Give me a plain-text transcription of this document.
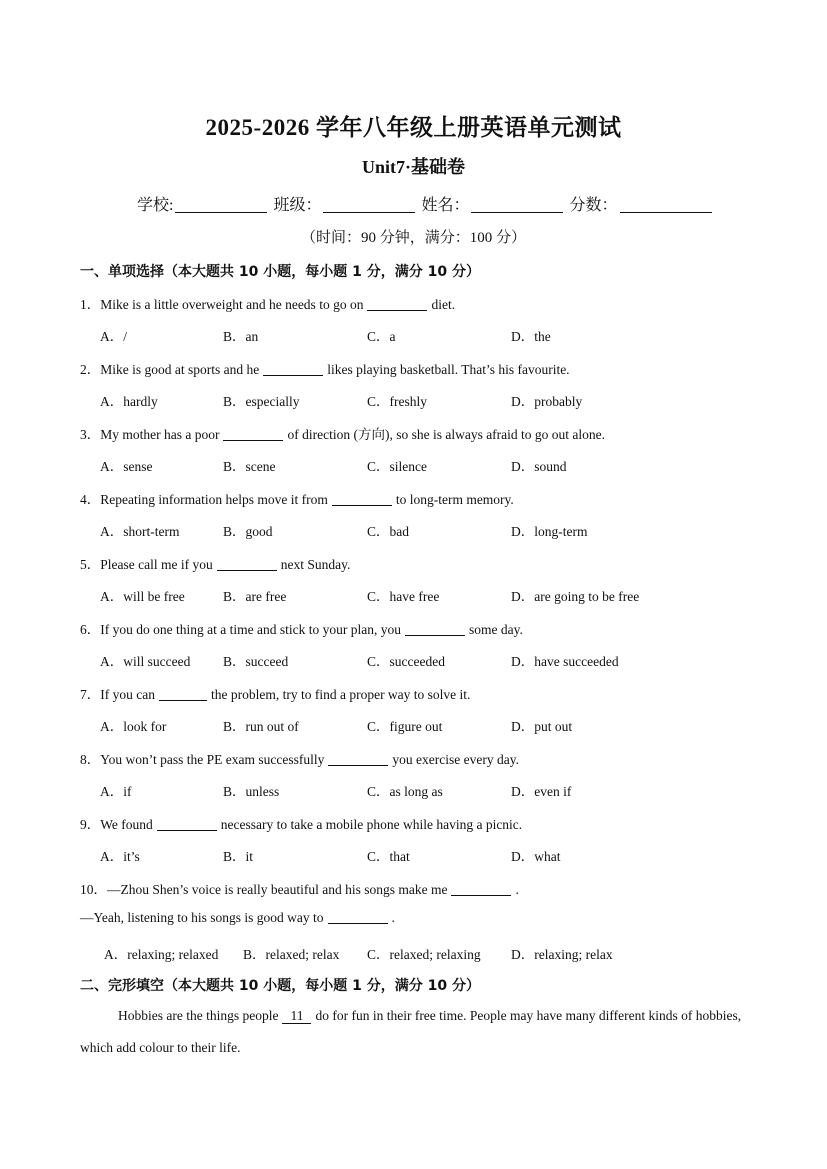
2025-2026 学年八年级上册英语单元测试
Unit7·基础卷
学校:	班级：	姓名：	分数：
（时间：90 分钟，满分：100 分）
一、单项选择（本大题共 10 小题，每小题 1 分，满分 10 分）
1．Mike is a little overweight and he needs to go on	diet.
A．/	B．an	C．a	D．the
2．Mike is good at sports and he	likes playing basketball. That’s his favourite.
A．hardly	B．especially	C．freshly	D．probably
3．My mother has a poor	of direction (方向), so she is always afraid to go out alone.
A．sense	B．scene	C．silence	D．sound
4．Repeating information helps move it from	to long-term memory.
A．short-term	B．good	C．bad	D．long-term
5．Please call me if you	next Sunday.
A．will be free	B．are free	C．have free	D．are going to be free
6．If you do one thing at a time and stick to your plan, you	some day.
A．will succeed B．succeed	C．succeeded	D．have succeeded
7．If you can	the problem, try to find a proper way to solve it.
A．look for	B．run out of	C．figure out	D．put out
8．You won’t pass the PE exam successfully	you exercise every day.
A．if	B．unless	C．as long as	D．even if
9．We found	necessary to take a mobile phone while having a picnic.
A．it’s	B．it	C．that	D．what
10．—Zhou Shen’s voice is really beautiful and his songs make me	.
—Yeah, listening to his songs is good way to	.
A．relaxing; relaxed B．relaxed; relax C．relaxed; relaxing D．relaxing; relax
二、完形填空（本大题共 10 小题，每小题 1 分，满分 10 分）
Hobbies are the things people 11 do for fun in their free time. People may have many different kinds of hobbies, which add colour to their life.
